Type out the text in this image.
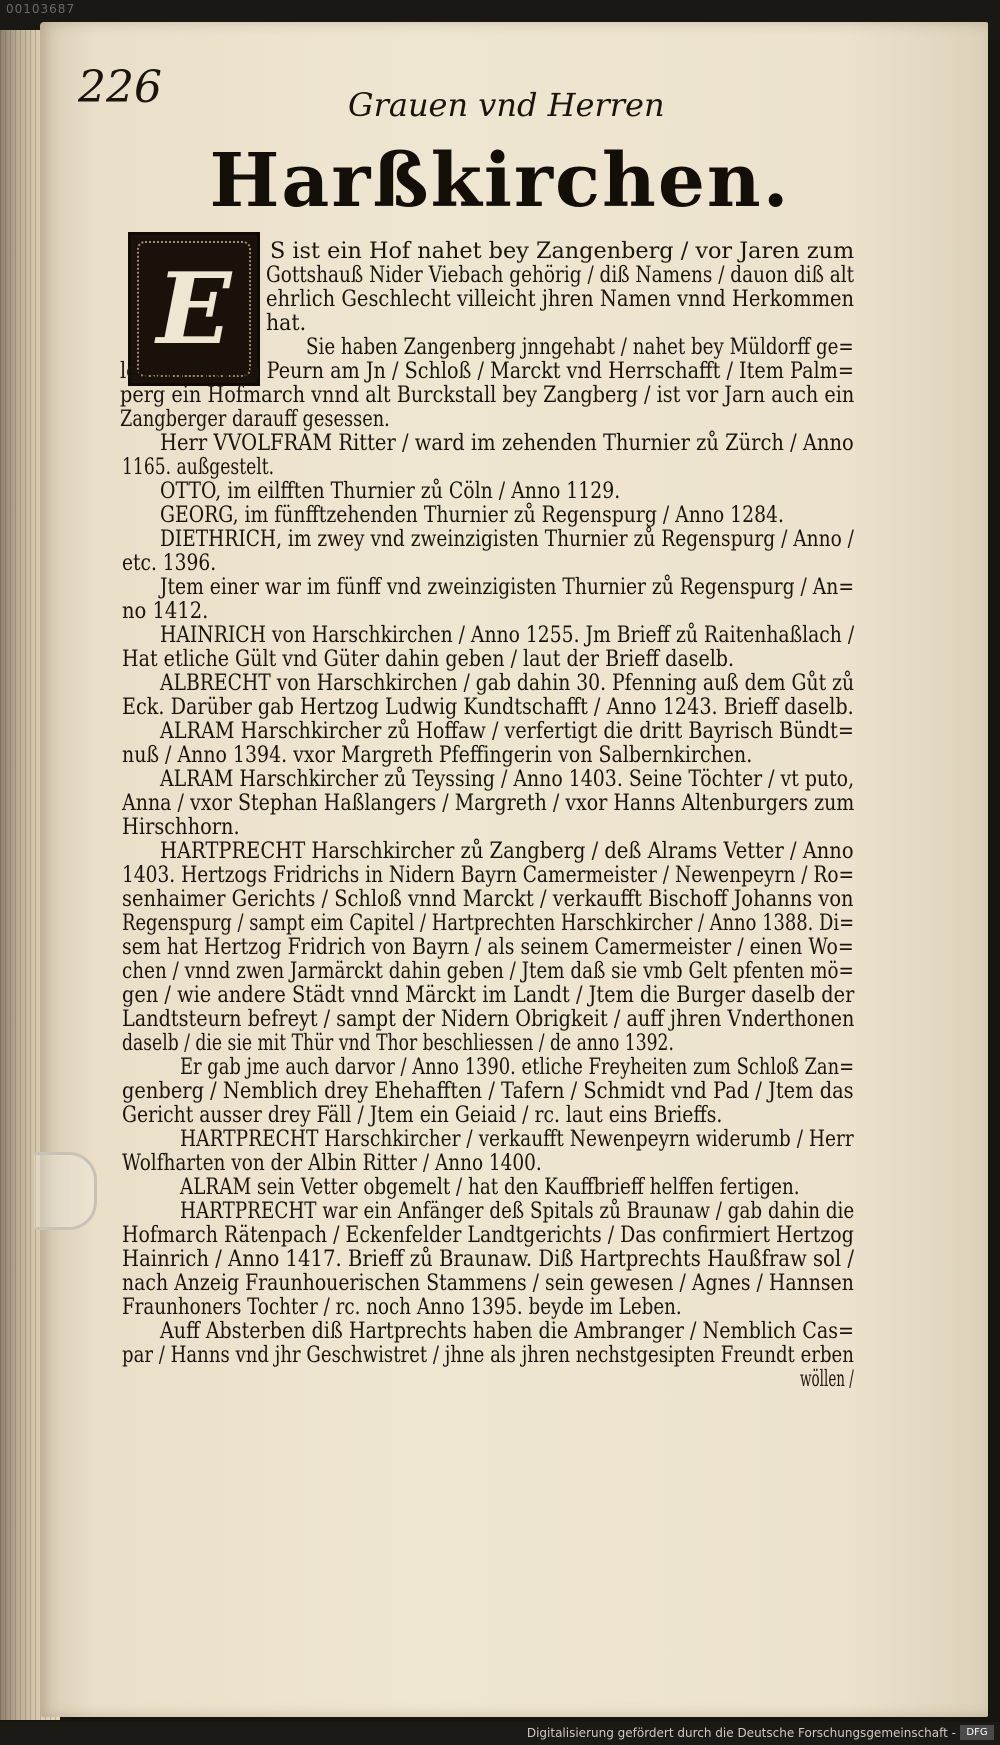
00103687
226	Grauen vnd Herren
Harßkirchen.
E	S ist ein Hof nahet bey Zangenberg / vor Jaren zum
Gottshauß Nider Viebach gehörig / diß Namens / dauon diß alt
ehrlich Geschlecht villeicht jhren Namen vnnd Herkommen
hat.
Sie haben Zangenberg jnngehabt / nahet bey Müldorff ge=
legen / Newen Peurn am Jn / Schloß / Marckt vnd Herrschafft / Item Palm=
perg ein Hofmarch vnnd alt Burckstall bey Zangberg / ist vor Jarn auch ein
Zangberger darauff gesessen.
Herr VVOLFRAM Ritter / ward im zehenden Thurnier zů Zürch / Anno
1165. außgestelt.
OTTO, im eilfften Thurnier zů Cöln / Anno 1129.
GEORG, im fünfftzehenden Thurnier zů Regenspurg / Anno 1284.
DIETHRICH, im zwey vnd zweinzigisten Thurnier zů Regenspurg / Anno /
etc. 1396.
Jtem einer war im fünff vnd zweinzigisten Thurnier zů Regenspurg / An=
no 1412.
HAINRICH von Harschkirchen / Anno 1255. Jm Brieff zů Raitenhaßlach /
Hat etliche Gült vnd Güter dahin geben / laut der Brieff daselb.
ALBRECHT von Harschkirchen / gab dahin 30. Pfenning auß dem Gůt zů
Eck. Darüber gab Hertzog Ludwig Kundtschafft / Anno 1243. Brieff daselb.
ALRAM Harschkircher zů Hoffaw / verfertigt die dritt Bayrisch Bündt=
nuß / Anno 1394. vxor Margreth Pfeffingerin von Salbernkirchen.
ALRAM Harschkircher zů Teyssing / Anno 1403. Seine Töchter / vt puto,
Anna / vxor Stephan Haßlangers / Margreth / vxor Hanns Altenburgers zum
Hirschhorn.
HARTPRECHT Harschkircher zů Zangberg / deß Alrams Vetter / Anno
1403. Hertzogs Fridrichs in Nidern Bayrn Camermeister / Newenpeyrn / Ro=
senhaimer Gerichts / Schloß vnnd Marckt / verkaufft Bischoff Johanns von
Regenspurg / sampt eim Capitel / Hartprechten Harschkircher / Anno 1388. Di=
sem hat Hertzog Fridrich von Bayrn / als seinem Camermeister / einen Wo=
chen / vnnd zwen Jarmärckt dahin geben / Jtem daß sie vmb Gelt pfenten mö=
gen / wie andere Städt vnnd Märckt im Landt / Jtem die Burger daselb der
Landtsteurn befreyt / sampt der Nidern Obrigkeit / auff jhren Vnderthonen
daselb / die sie mit Thür vnd Thor beschliessen / de anno 1392.
Er gab jme auch darvor / Anno 1390. etliche Freyheiten zum Schloß Zan=
genberg / Nemblich drey Ehehafften / Tafern / Schmidt vnd Pad / Jtem das
Gericht ausser drey Fäll / Jtem ein Geiaid / rc. laut eins Brieffs.
HARTPRECHT Harschkircher / verkaufft Newenpeyrn widerumb / Herr
Wolfharten von der Albin Ritter / Anno 1400.
ALRAM sein Vetter obgemelt / hat den Kauffbrieff helffen fertigen.
HARTPRECHT war ein Anfänger deß Spitals zů Braunaw / gab dahin die
Hofmarch Rätenpach / Eckenfelder Landtgerichts / Das confirmiert Hertzog
Hainrich / Anno 1417. Brieff zů Braunaw. Diß Hartprechts Haußfraw sol /
nach Anzeig Fraunhouerischen Stammens / sein gewesen / Agnes / Hannsen
Fraunhoners Tochter / rc. noch Anno 1395. beyde im Leben.
Auff Absterben diß Hartprechts haben die Ambranger / Nemblich Cas=
par / Hanns vnd jhr Geschwistret / jhne als jhren nechstgesipten Freundt erben
wöllen /
Digitalisierung gefördert durch die Deutsche Forschungsgemeinschaft -	DFG
